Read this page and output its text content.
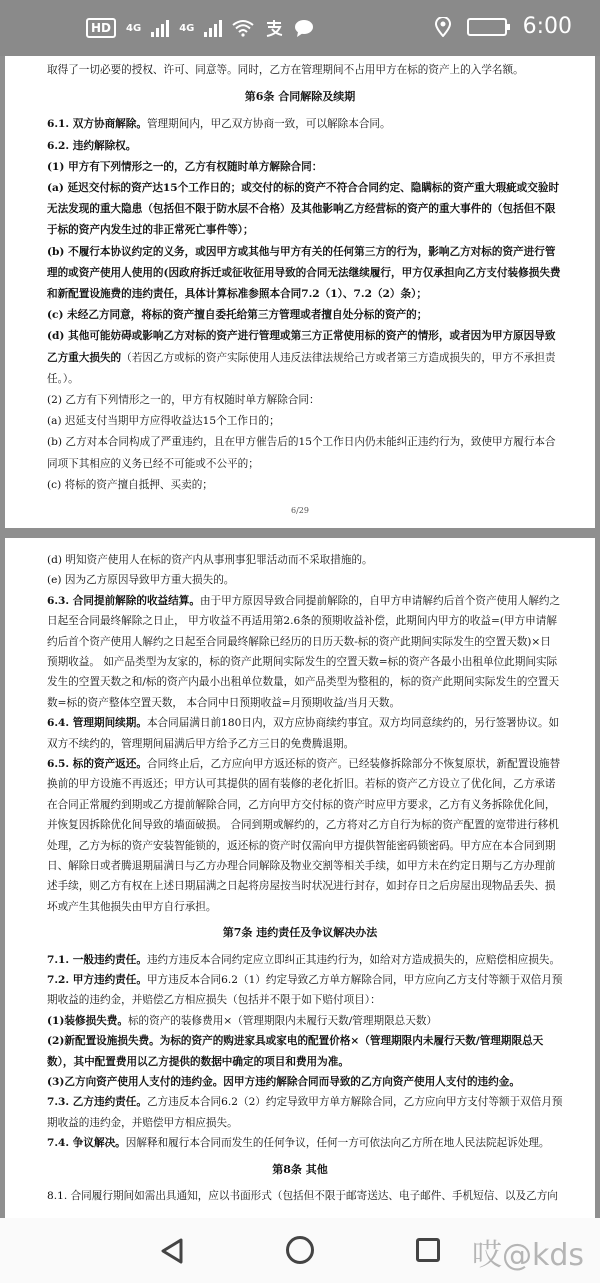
HD	4G	4G	6:00
取得了一切必要的授权、许可、同意等。同时，乙方在管理期间不占用甲方在标的资产上的入学名额。
第6条 合同解除及续期
6.1. 双方协商解除。管理期间内，甲乙双方协商一致，可以解除本合同。
6.2. 违约解除权。
(1) 甲方有下列情形之一的，乙方有权随时单方解除合同：
(a) 延迟交付标的资产达15个工作日的；或交付的标的资产不符合合同约定、隐瞒标的资产重大瑕疵或交验时
无法发现的重大隐患（包括但不限于防水层不合格）及其他影响乙方经营标的资产的重大事件的（包括但不限
于标的资产内发生过的非正常死亡事件等）；
(b) 不履行本协议约定的义务，或因甲方或其他与甲方有关的任何第三方的行为，影响乙方对标的资产进行管
理的或资产使用人使用的(因政府拆迁或征收征用导致的合同无法继续履行，甲方仅承担向乙方支付装修损失费
和新配置设施费的违约责任，具体计算标准参照本合同7.2（1）、7.2（2）条）；
(c) 未经乙方同意，将标的资产擅自委托给第三方管理或者擅自处分标的资产的；
(d) 其他可能妨碍或影响乙方对标的资产进行管理或第三方正常使用标的资产的情形，或者因为甲方原因导致
乙方重大损失的（若因乙方或标的资产实际使用人违反法律法规给己方或者第三方造成损失的，甲方不承担责
任。）。
(2) 乙方有下列情形之一的，甲方有权随时单方解除合同：
(a) 迟延支付当期甲方应得收益达15个工作日的；
(b) 乙方对本合同构成了严重违约，且在甲方催告后的15个工作日内仍未能纠正违约行为，致使甲方履行本合
同项下其相应的义务已经不可能或不公平的；
(c) 将标的资产擅自抵押、买卖的；
6/29
(d) 明知资产使用人在标的资产内从事刑事犯罪活动而不采取措施的。
(e) 因为乙方原因导致甲方重大损失的。
6.3. 合同提前解除的收益结算。由于甲方原因导致合同提前解除的，自甲方申请解约后首个资产使用人解约之
日起至合同最终解除之日止， 甲方收益不再适用第2.6条的预期收益补偿，此期间内甲方的收益=(甲方申请解
约后首个资产使用人解约之日起至合同最终解除已经历的日历天数-标的资产此期间实际发生的空置天数)×日
预期收益。 如产品类型为友家的，标的资产此期间实际发生的空置天数=标的资产各最小出租单位此期间实际
发生的空置天数之和/标的资产内最小出租单位数量，如产品类型为整租的，标的资产此期间实际发生的空置天
数=标的资产整体空置天数， 本合同中日预期收益=月预期收益/当月天数。
6.4. 管理期间续期。本合同届满日前180日内，双方应协商续约事宜。双方均同意续约的，另行签署协议。如
双方不续约的，管理期间届满后甲方给予乙方三日的免费腾退期。
6.5. 标的资产返还。合同终止后，乙方应向甲方返还标的资产。已经装修拆除部分不恢复原状，新配置设施替
换前的甲方设施不再返还；甲方认可其提供的固有装修的老化折旧。若标的资产乙方设立了优化间，乙方承诺
在合同正常履约到期或乙方提前解除合同，乙方向甲方交付标的资产时应甲方要求，乙方有义务拆除优化间，
并恢复因拆除优化间导致的墙面破损。 合同到期或解约的，乙方将对乙方自行为标的资产配置的宽带进行移机
处理，乙方为标的资产安装智能锁的，返还标的资产时仅需向甲方提供智能密码锁密码。甲方应在本合同到期
日、解除日或者腾退期届满日与乙方办理合同解除及物业交割等相关手续，如甲方未在约定日期与乙方办理前
述手续，则乙方有权在上述日期届满之日起将房屋按当时状况进行封存，如封存日之后房屋出现物品丢失、损
坏或产生其他损失由甲方自行承担。
第7条 违约责任及争议解决办法
7.1. 一般违约责任。违约方违反本合同约定应立即纠正其违约行为，如给对方造成损失的，应赔偿相应损失。
7.2. 甲方违约责任。甲方违反本合同6.2（1）约定导致乙方单方解除合同，甲方应向乙方支付等额于双倍月预
期收益的违约金，并赔偿乙方相应损失（包括并不限于如下赔付项目）：
(1)装修损失费。标的资产的装修费用×（管理期限内未履行天数/管理期限总天数）
(2)新配置设施损失费。为标的资产的购进家具或家电的配置价格×（管理期限内未履行天数/管理期限总天
数），其中配置费用以乙方提供的数据中确定的项目和费用为准。
(3)乙方向资产使用人支付的违约金。因甲方违约解除合同而导致的乙方向资产使用人支付的违约金。
7.3. 乙方违约责任。乙方违反本合同6.2（2）约定导致甲方单方解除合同，乙方应向甲方支付等额于双倍月预
期收益的违约金，并赔偿甲方相应损失。
7.4. 争议解决。因解释和履行本合同而发生的任何争议，任何一方可依法向乙方所在地人民法院起诉处理。
第8条 其他
8.1. 合同履行期间如需出具通知，应以书面形式（包括但不限于邮寄送达、电子邮件、手机短信、以及乙方向
哎@kds
